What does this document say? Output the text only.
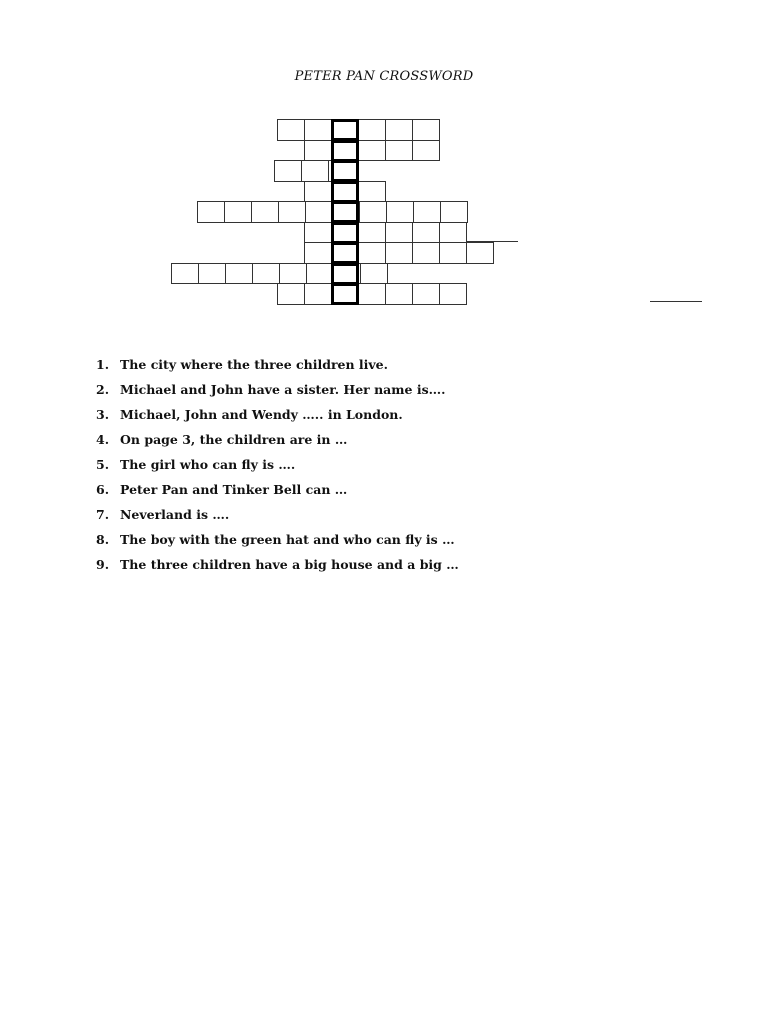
PETER PAN CROSSWORD
1. The city where the three children live.
2. Michael and John have a sister. Her name is….
3. Michael, John and Wendy ….. in London.
4. On page 3, the children are in …
5. The girl who can fly is ….
6. Peter Pan and Tinker Bell can …
7. Neverland is ….
8. The boy with the green hat and who can fly is …
9. The three children have a big house and a big …
